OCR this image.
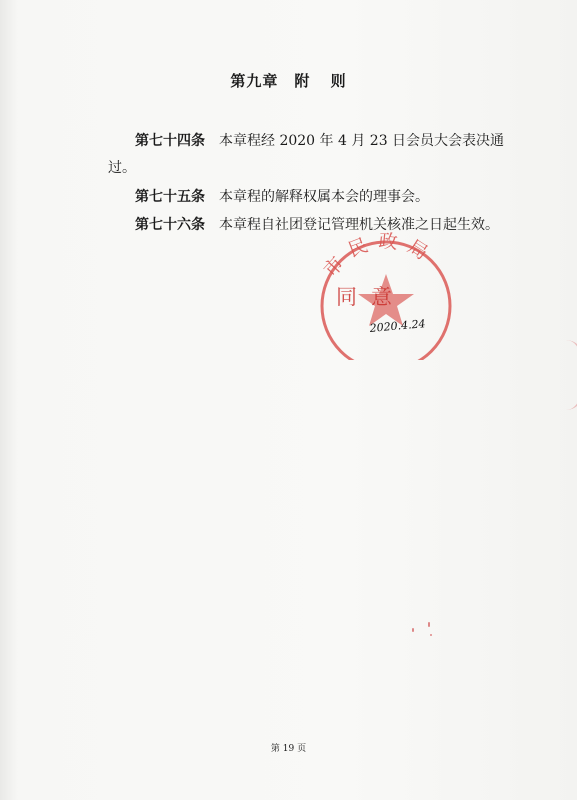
第九章　附 则
第七十四条 本章程经 2020 年 4 月 23 日会员大会表决通过。
第七十五条 本章程的解释权属本会的理事会。
第七十六条 本章程自社团登记管理机关核准之日起生效。
市民政局
同意
2020.4.24
第 19 页
